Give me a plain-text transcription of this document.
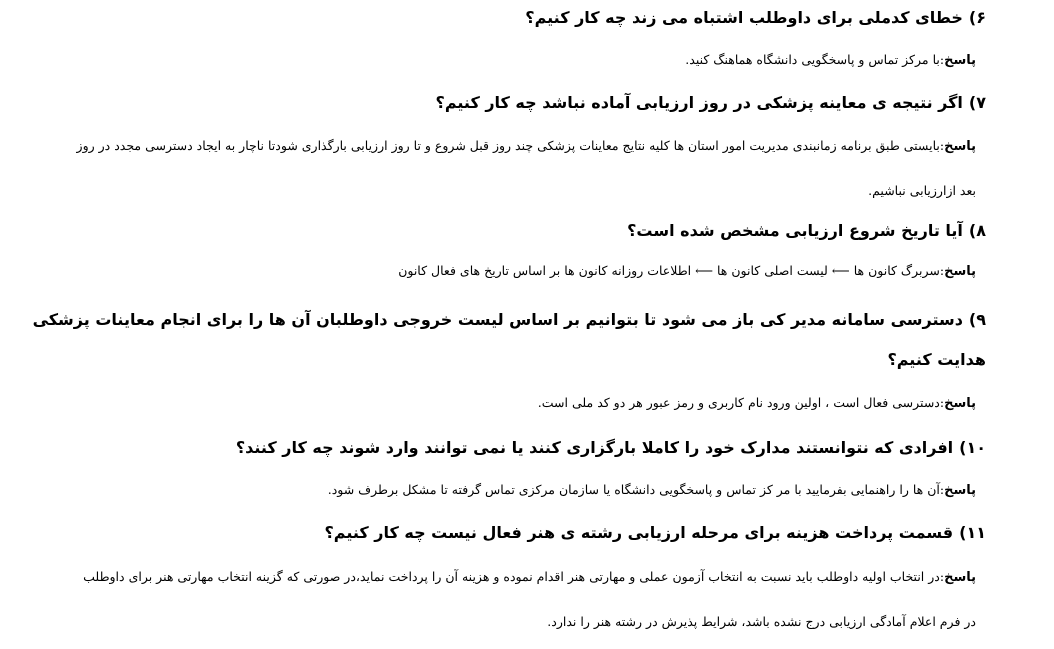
۶)خطای کدملی برای داوطلب اشتباه می زند چه کار کنیم؟
پاسخ:با مرکز تماس و پاسخگویی دانشگاه هماهنگ کنید.
۷)اگر نتیجه ی معاینه پزشکی در روز ارزیابی آماده نباشد چه کار کنیم؟
پاسخ:بایستی طبق برنامه زمانبندی مدیریت امور استان ها کلیه نتایج معاینات پزشکی چند روز قبل شروع و تا روز ارزیابی بارگذاری شودتا ناچار به ایجاد دسترسی مجدد در روز بعد ازارزیابی نباشیم.
۸)آیا تاریخ شروع ارزیابی مشخص شده است؟
پاسخ:سربرگ کانون ها ⟵ لیست اصلی کانون ها ⟵ اطلاعات روزانه کانون ها بر اساس تاریخ های فعال کانون
۹)دسترسی سامانه مدیر کی باز می شود تا بتوانیم بر اساس لیست خروجی داوطلبان آن ها را برای انجام معاینات پزشکی هدایت کنیم؟
پاسخ:دسترسی فعال است ، اولین ورود نام کاربری و رمز عبور هر دو کد ملی است.
۱۰)افرادی که نتوانستند مدارک خود را کاملا بارگزاری کنند یا نمی توانند وارد شوند چه کار کنند؟
پاسخ:آن ها را راهنمایی بفرمایید با مر کز تماس و پاسخگویی دانشگاه یا سازمان مرکزی تماس گرفته تا مشکل برطرف شود.
۱۱)قسمت پرداخت هزینه برای مرحله ارزیابی رشته ی هنر فعال نیست چه کار کنیم؟
پاسخ:در انتخاب اولیه داوطلب باید نسبت به انتخاب آزمون عملی و مهارتی هنر اقدام نموده و هزینه آن را پرداخت نماید،در صورتی که گزینه انتخاب مهارتی هنر برای داوطلب در فرم اعلام آمادگی ارزیابی درج نشده باشد، شرایط پذیرش در رشته هنر را ندارد.
